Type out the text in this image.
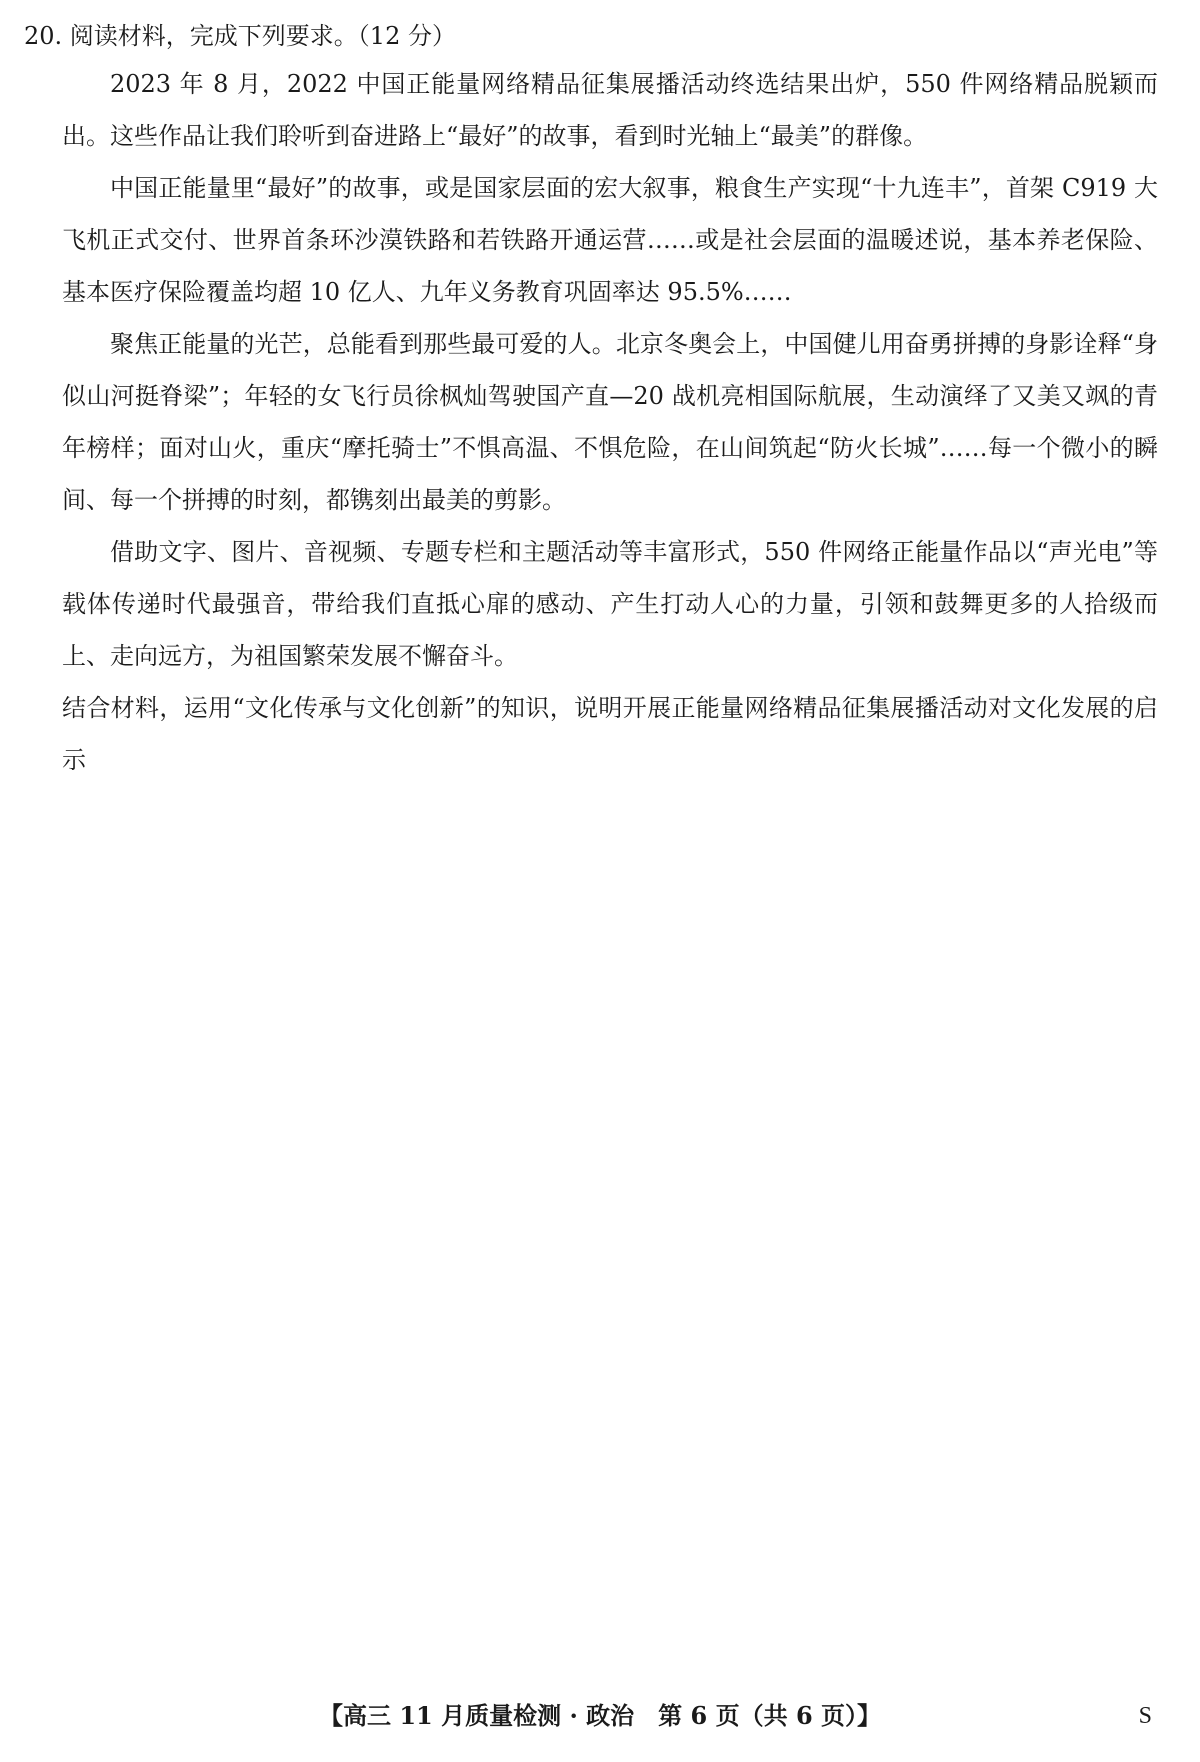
20. 阅读材料，完成下列要求。（12 分）

2023 年 8 月，2022 中国正能量网络精品征集展播活动终选结果出炉，550 件网络精品脱颖而出。这些作品让我们聆听到奋进路上“最好”的故事，看到时光轴上“最美”的群像。

中国正能量里“最好”的故事，或是国家层面的宏大叙事，粮食生产实现“十九连丰”，首架 C919 大飞机正式交付、世界首条环沙漠铁路和若铁路开通运营……或是社会层面的温暖述说，基本养老保险、基本医疗保险覆盖均超 10 亿人、九年义务教育巩固率达 95.5%……

聚焦正能量的光芒，总能看到那些最可爱的人。北京冬奥会上，中国健儿用奋勇拼搏的身影诠释“身似山河挺脊梁”；年轻的女飞行员徐枫灿驾驶国产直—20 战机亮相国际航展，生动演绎了又美又飒的青年榜样；面对山火，重庆“摩托骑士”不惧高温、不惧危险，在山间筑起“防火长城”……每一个微小的瞬间、每一个拼搏的时刻，都镌刻出最美的剪影。

借助文字、图片、音视频、专题专栏和主题活动等丰富形式，550 件网络正能量作品以“声光电”等载体传递时代最强音，带给我们直抵心扉的感动、产生打动人心的力量，引领和鼓舞更多的人拾级而上、走向远方，为祖国繁荣发展不懈奋斗。

结合材料，运用“文化传承与文化创新”的知识，说明开展正能量网络精品征集展播活动对文化发展的启示

【高三 11 月质量检测 · 政治　第 6 页（共 6 页）】	S
